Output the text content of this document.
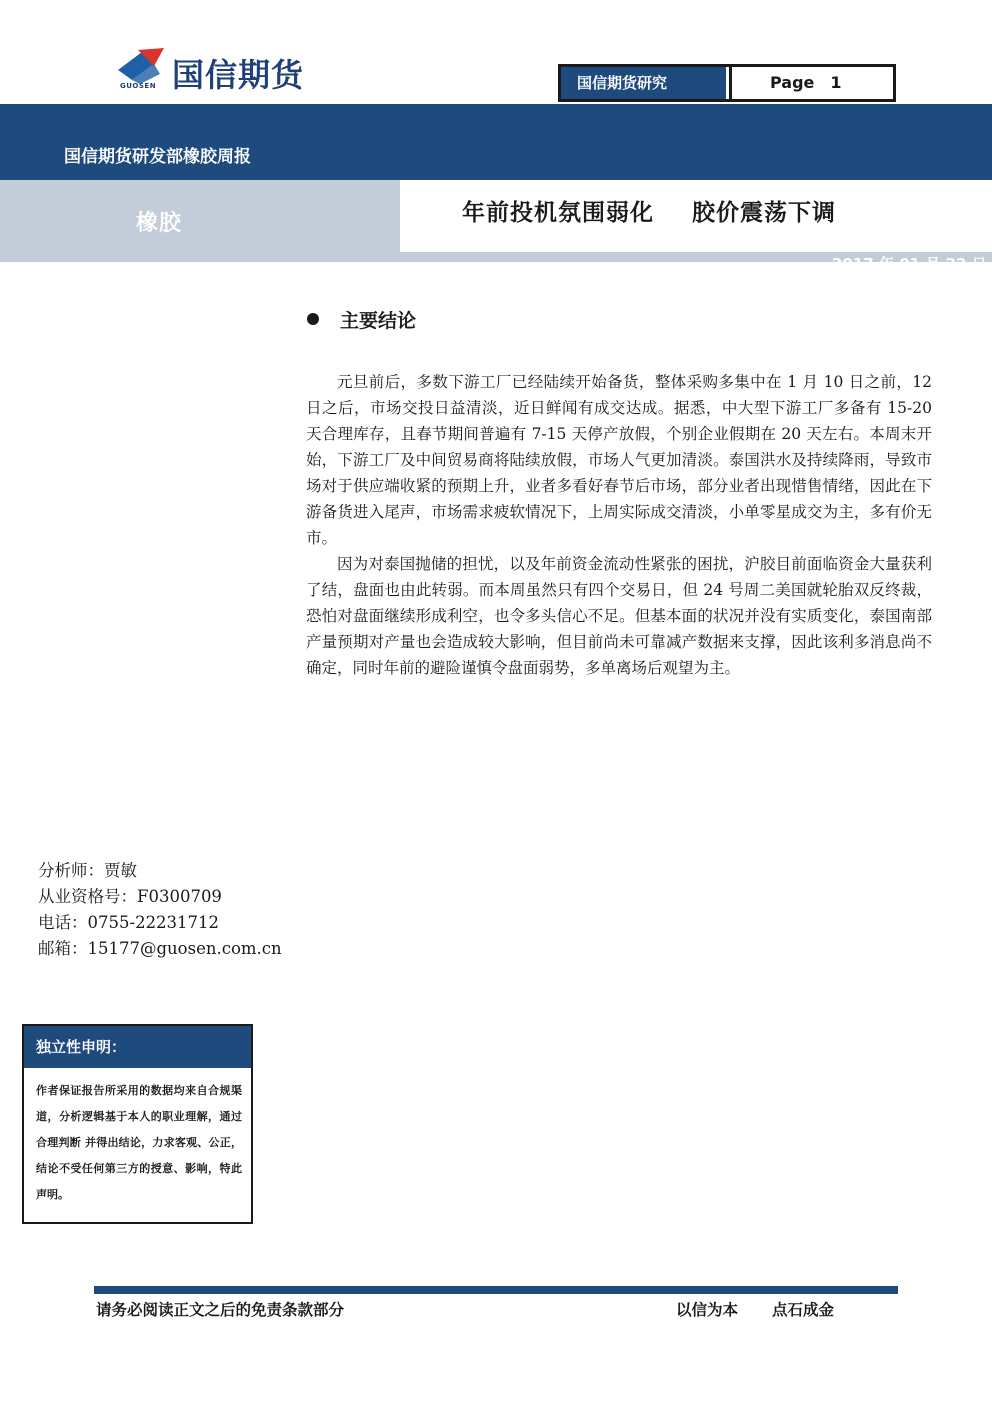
国信期货
GUOSEN	国信期货研究	Page 1
国信期货研发部橡胶周报
橡胶	年前投机氛围弱化 胶价震荡下调
2017 年 01 月 22 日
主要结论

元旦前后，多数下游工厂已经陆续开始备货，整体采购多集中在 1 月 10 日之前，12 日之后，市场交投日益清淡，近日鲜闻有成交达成。据悉，中大型下游工厂多备有 15-20 天合理库存，且春节期间普遍有 7-15 天停产放假，个别企业假期在 20 天左右。本周末开始，下游工厂及中间贸易商将陆续放假，市场人气更加清淡。泰国洪水及持续降雨，导致市场对于供应端收紧的预期上升，业者多看好春节后市场，部分业者出现惜售情绪，因此在下游备货进入尾声，市场需求疲软情况下，上周实际成交清淡，小单零星成交为主，多有价无市。

因为对泰国抛储的担忧，以及年前资金流动性紧张的困扰，沪胶目前面临资金大量获利了结，盘面也由此转弱。而本周虽然只有四个交易日，但 24 号周二美国就轮胎双反终裁，恐怕对盘面继续形成利空，也令多头信心不足。但基本面的状况并没有实质变化，泰国南部产量预期对产量也会造成较大影响，但目前尚未可靠减产数据来支撑，因此该利多消息尚不确定，同时年前的避险谨慎令盘面弱势，多单离场后观望为主。

分析师：贾敏
从业资格号：F0300709
电话：0755-22231712
邮箱：15177@guosen.com.cn
独立性申明：
作者保证报告所采用的数据均来自合规渠道，分析逻辑基于本人的职业理解，通过合理判断 并得出结论，力求客观、公正，结论不受任何第三方的授意、影响，特此声明。
请务必阅读正文之后的免责条款部分	以信为本 点石成金
